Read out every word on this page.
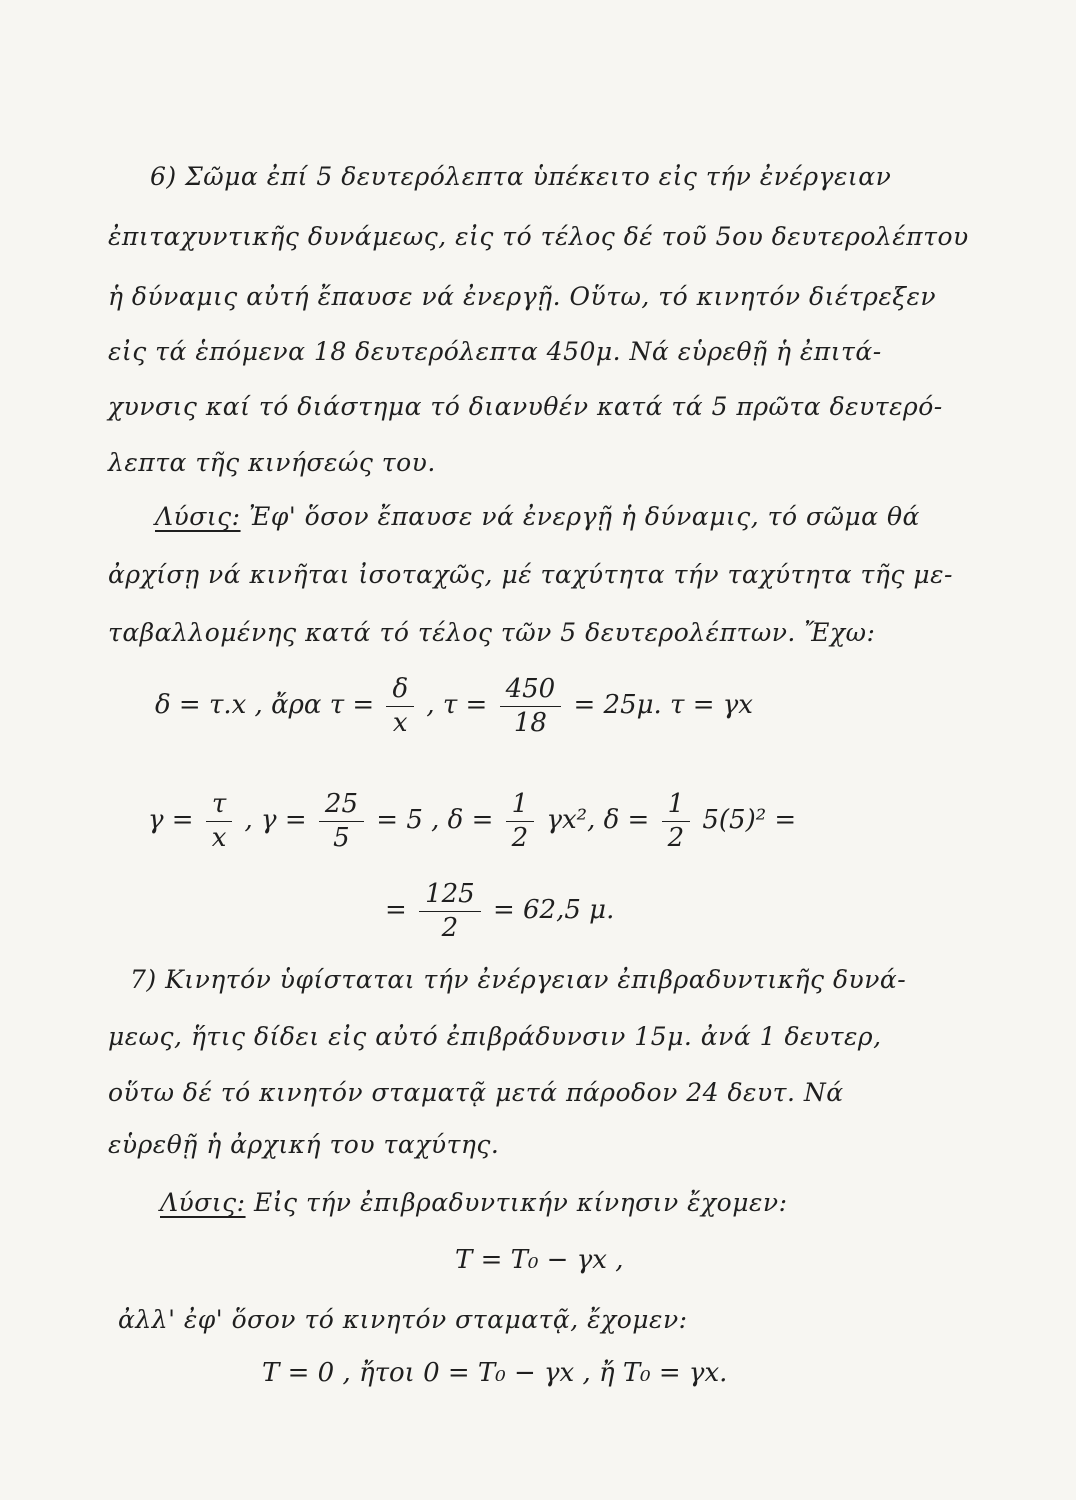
6) Σῶμα ἐπί 5 δευτερόλεπτα ὑπέκειτο εἰς τήν ἐνέργειαν
ἐπιταχυντικῆς δυνάμεως, εἰς τό τέλος δέ τοῦ 5ου δευτερολέπτου
ἡ δύναμις αὐτή ἔπαυσε νά ἐνεργῇ. Οὕτω, τό κινητόν διέτρεξεν
εἰς τά ἑπόμενα 18 δευτερόλεπτα 450μ. Νά εὑρεθῇ ἡ ἐπιτά-
χυνσις καί τό διάστημα τό διανυθέν κατά τά 5 πρῶτα δευτερό-
λεπτα τῆς κινήσεώς του.
Λύσις: Ἐφ' ὅσον ἔπαυσε νά ἐνεργῇ ἡ δύναμις, τό σῶμα θά
ἀρχίσῃ νά κινῆται ἰσοταχῶς, μέ ταχύτητα τήν ταχύτητα τῆς με-
ταβαλλομένης κατά τό τέλος τῶν 5 δευτερολέπτων. Ἔχω:
δ = τ.x , ἄρα $\tau = \frac{\delta}{x}$ , $\tau = \frac{450}{18} = 25\mu$. τ = γx
$\gamma = \frac{\tau}{x}$ , $\gamma = \frac{25}{5} = 5$ , $\delta = \frac{1}{2} \gamma x^2$, $\delta = \frac{1}{2} 5(5)^2$ =
= $\frac{125}{2} = 62,5$ μ.
7) Κινητόν ὑφίσταται τήν ἐνέργειαν ἐπιβραδυντικῆς δυνά-
μεως, ἥτις δίδει εἰς αὐτό ἐπιβράδυνσιν 15μ. ἀνά 1 δευτερ,
οὕτω δέ τό κινητόν σταματᾷ μετά πάροδον 24 δευτ. Νά
εὑρεθῇ ἡ ἀρχική του ταχύτης.
Λύσις: Εἰς τήν ἐπιβραδυντικήν κίνησιν ἔχομεν:
T = T₀ − γx ,
ἀλλ' ἐφ' ὅσον τό κινητόν σταματᾷ, ἔχομεν:
T = 0 , ἤτοι 0 = T₀ − γx , ἤ T₀ = γx.
